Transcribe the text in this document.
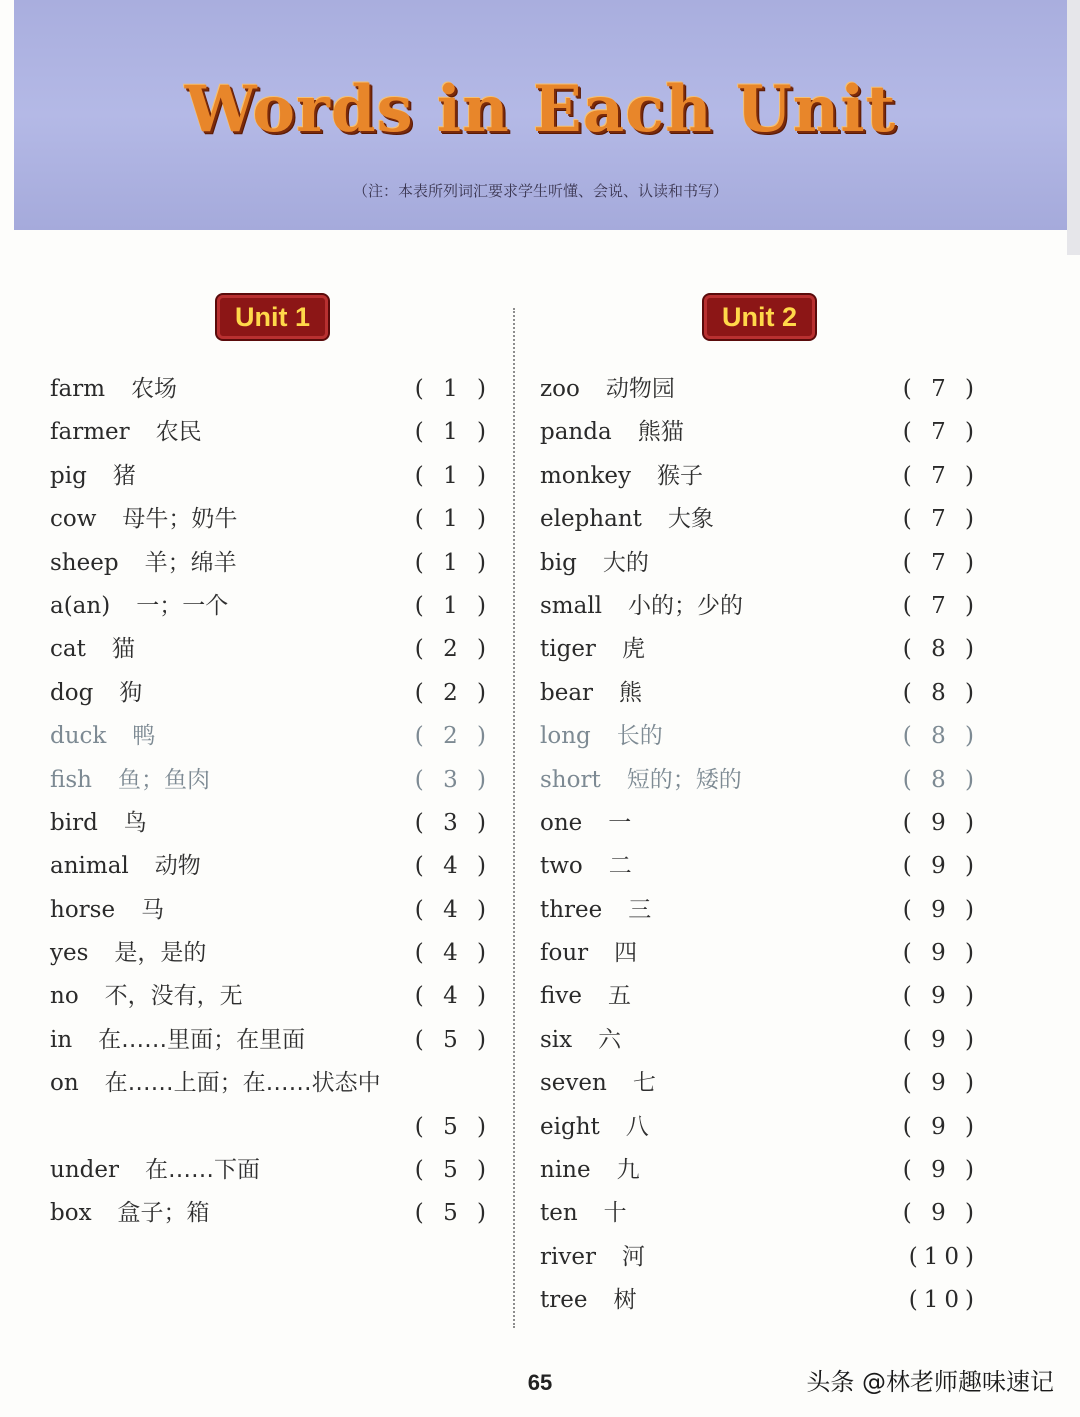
Words in Each Unit
（注：本表所列词汇要求学生听懂、会说、认读和书写）
Unit 1	Unit 2
farm 农场	( 1 )
farmer 农民	( 1 )
pig 猪	( 1 )
cow 母牛；奶牛	( 1 )
sheep 羊；绵羊	( 1 )
a(an) 一；一个	( 1 )
cat 猫	( 2 )
dog 狗	( 2 )
duck 鸭	( 2 )
fish 鱼；鱼肉	( 3 )
bird 鸟	( 3 )
animal 动物	( 4 )
horse 马	( 4 )
yes 是，是的	( 4 )
no 不，没有，无	( 4 )
in 在……里面；在里面	( 5 )
on 在……上面；在……状态中
( 5 )
under 在……下面	( 5 )
box 盒子；箱	( 5 )
zoo 动物园	( 7 )
panda 熊猫	( 7 )
monkey 猴子	( 7 )
elephant 大象	( 7 )
big 大的	( 7 )
small 小的；少的	( 7 )
tiger 虎	( 8 )
bear 熊	( 8 )
long 长的	( 8 )
short 短的；矮的	( 8 )
one 一	( 9 )
two 二	( 9 )
three 三	( 9 )
four 四	( 9 )
five 五	( 9 )
six 六	( 9 )
seven 七	( 9 )
eight 八	( 9 )
nine 九	( 9 )
ten 十	( 9 )
river 河	(10)
tree 树	(10)
65	头条 @林老师趣味速记
